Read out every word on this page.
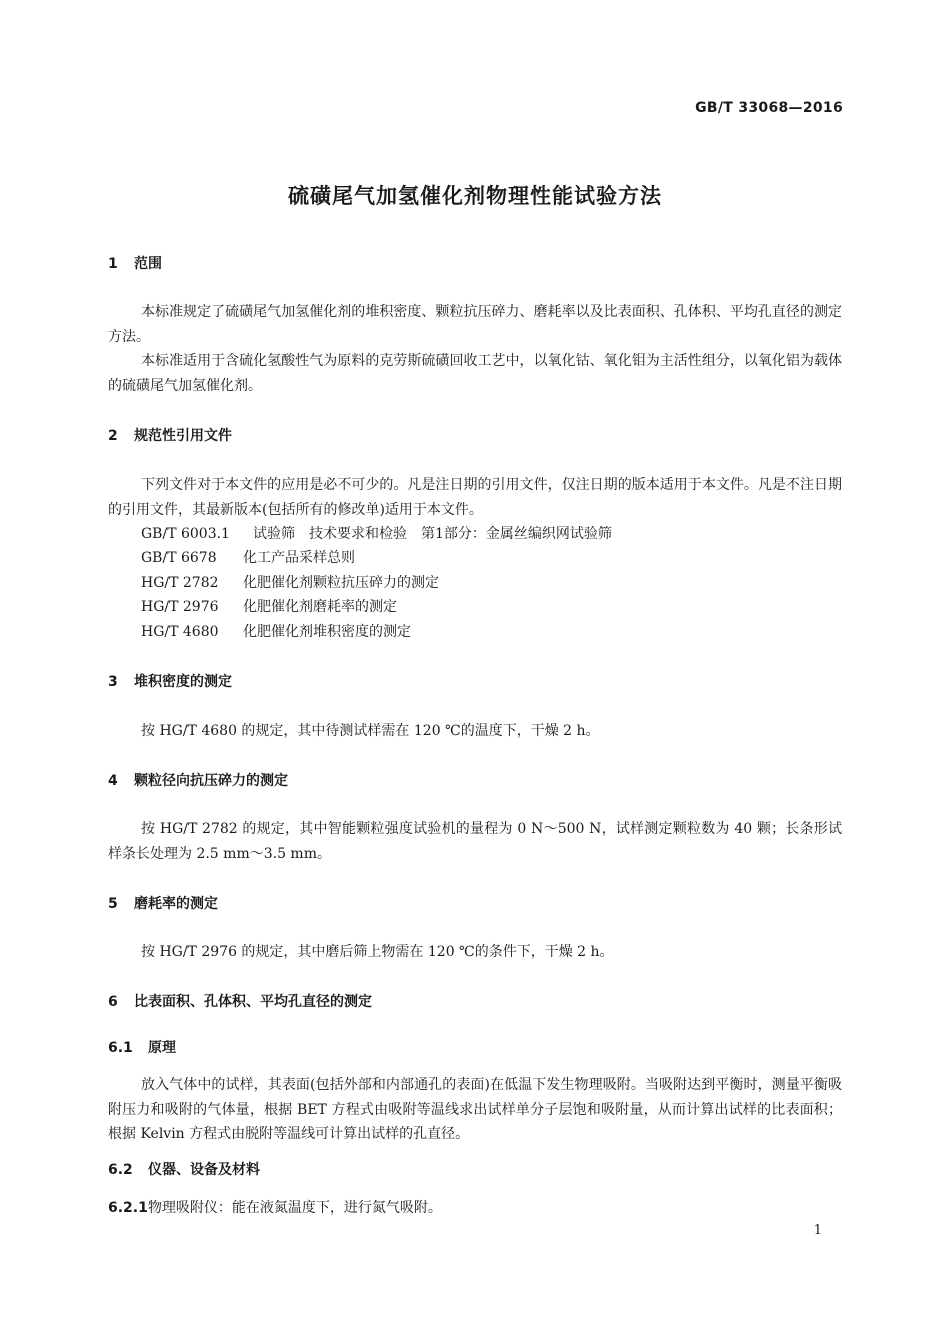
GB/T 33068—2016
硫磺尾气加氢催化剂物理性能试验方法
1 范围
本标准规定了硫磺尾气加氢催化剂的堆积密度、颗粒抗压碎力、磨耗率以及比表面积、孔体积、平均孔直径的测定方法。
本标准适用于含硫化氢酸性气为原料的克劳斯硫磺回收工艺中，以氧化钴、氧化钼为主活性组分，以氧化铝为载体的硫磺尾气加氢催化剂。
2 规范性引用文件
下列文件对于本文件的应用是必不可少的。凡是注日期的引用文件，仅注日期的版本适用于本文件。凡是不注日期的引用文件，其最新版本(包括所有的修改单)适用于本文件。
GB/T 6003.1 试验筛　技术要求和检验　第1部分：金属丝编织网试验筛
GB/T 6678 化工产品采样总则
HG/T 2782 化肥催化剂颗粒抗压碎力的测定
HG/T 2976 化肥催化剂磨耗率的测定
HG/T 4680 化肥催化剂堆积密度的测定
3 堆积密度的测定
按 HG/T 4680 的规定，其中待测试样需在 120 ℃的温度下，干燥 2 h。
4 颗粒径向抗压碎力的测定
按 HG/T 2782 的规定，其中智能颗粒强度试验机的量程为 0 N～500 N，试样测定颗粒数为 40 颗；长条形试样条长处理为 2.5 mm～3.5 mm。
5 磨耗率的测定
按 HG/T 2976 的规定，其中磨后筛上物需在 120 ℃的条件下，干燥 2 h。
6 比表面积、孔体积、平均孔直径的测定
6.1 原理
放入气体中的试样，其表面(包括外部和内部通孔的表面)在低温下发生物理吸附。当吸附达到平衡时，测量平衡吸附压力和吸附的气体量，根据 BET 方程式由吸附等温线求出试样单分子层饱和吸附量，从而计算出试样的比表面积；根据 Kelvin 方程式由脱附等温线可计算出试样的孔直径。
6.2 仪器、设备及材料
6.2.1物理吸附仪：能在液氮温度下，进行氮气吸附。
1
